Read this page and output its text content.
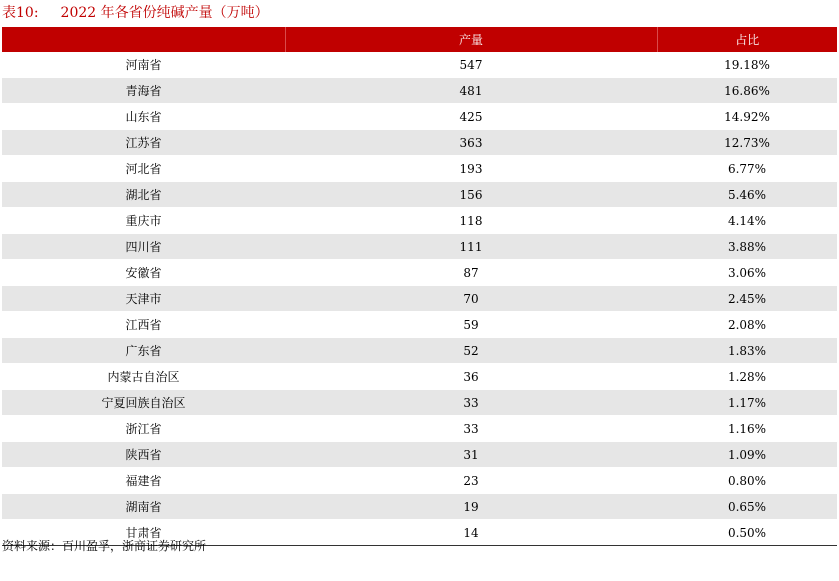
表10: 2022 年各省份纯碱产量（万吨）
	产量	占比
河南省	547	19.18%
青海省	481	16.86%
山东省	425	14.92%
江苏省	363	12.73%
河北省	193	6.77%
湖北省	156	5.46%
重庆市	118	4.14%
四川省	111	3.88%
安徽省	87	3.06%
天津市	70	2.45%
江西省	59	2.08%
广东省	52	1.83%
内蒙古自治区	36	1.28%
宁夏回族自治区	33	1.17%
浙江省	33	1.16%
陕西省	31	1.09%
福建省	23	0.80%
湖南省	19	0.65%
甘肃省	14	0.50%
资料来源：百川盈孚，浙商证券研究所
